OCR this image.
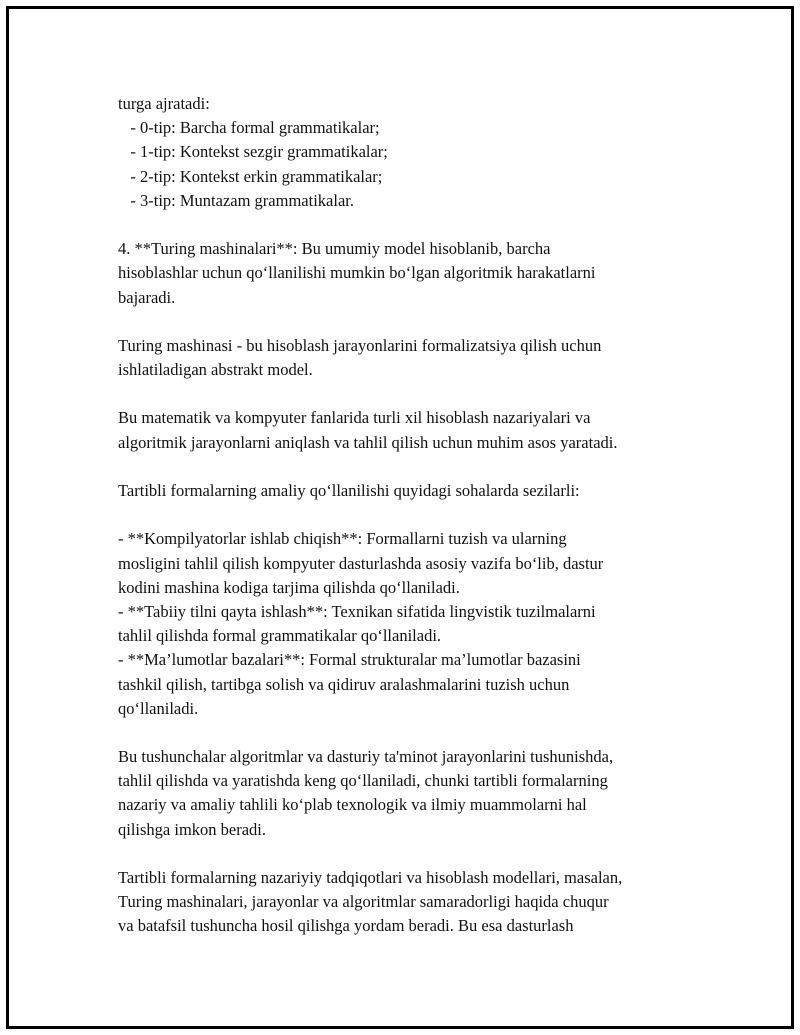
turga ajratadi:
- 0-tip: Barcha formal grammatikalar;
- 1-tip: Kontekst sezgir grammatikalar;
- 2-tip: Kontekst erkin grammatikalar;
- 3-tip: Muntazam grammatikalar.
4. **Turing mashinalari**: Bu umumiy model hisoblanib, barcha
hisoblashlar uchun qo‘llanilishi mumkin bo‘lgan algoritmik harakatlarni
bajaradi.
Turing mashinasi - bu hisoblash jarayonlarini formalizatsiya qilish uchun
ishlatiladigan abstrakt model.
Bu matematik va kompyuter fanlarida turli xil hisoblash nazariyalari va
algoritmik jarayonlarni aniqlash va tahlil qilish uchun muhim asos yaratadi.
Tartibli formalarning amaliy qo‘llanilishi quyidagi sohalarda sezilarli:
- **Kompilyatorlar ishlab chiqish**: Formallarni tuzish va ularning
mosligini tahlil qilish kompyuter dasturlashda asosiy vazifa bo‘lib, dastur
kodini mashina kodiga tarjima qilishda qo‘llaniladi.
- **Tabiiy tilni qayta ishlash**: Texnikan sifatida lingvistik tuzilmalarni
tahlil qilishda formal grammatikalar qo‘llaniladi.
- **Ma’lumotlar bazalari**: Formal strukturalar ma’lumotlar bazasini
tashkil qilish, tartibga solish va qidiruv aralashmalarini tuzish uchun
qo‘llaniladi.
Bu tushunchalar algoritmlar va dasturiy ta'minot jarayonlarini tushunishda,
tahlil qilishda va yaratishda keng qo‘llaniladi, chunki tartibli formalarning
nazariy va amaliy tahlili ko‘plab texnologik va ilmiy muammolarni hal
qilishga imkon beradi.
Tartibli formalarning nazariyiy tadqiqotlari va hisoblash modellari, masalan,
Turing mashinalari, jarayonlar va algoritmlar samaradorligi haqida chuqur
va batafsil tushuncha hosil qilishga yordam beradi. Bu esa dasturlash
